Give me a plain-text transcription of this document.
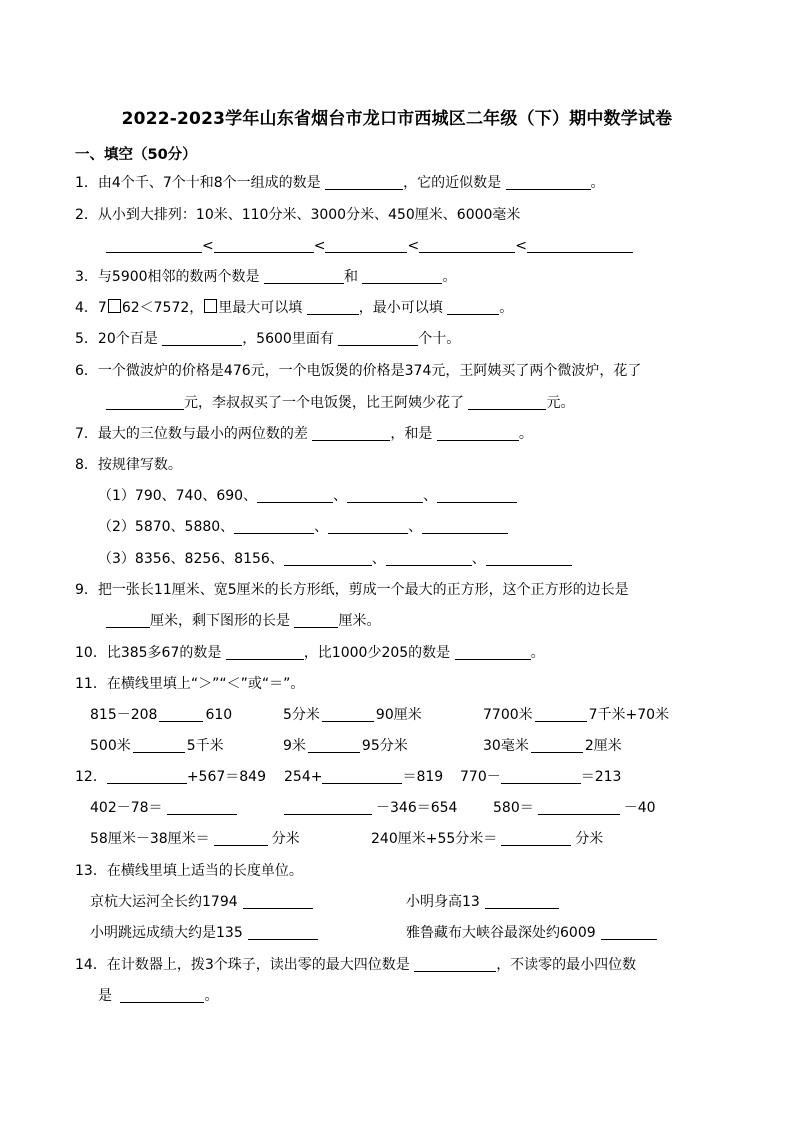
2022-2023学年山东省烟台市龙口市西城区二年级（下）期中数学试卷
一、填空（50分）
1．由4个千、7个十和8个一组成的数是	，它的近似数是	。
2．从小到大排列：10米、110分米、3000分米、450厘米、6000毫米
<	<	<	<
3．与5900相邻的数两个数是	和	。
4．7 62＜7572， 里最大可以填	，最小可以填	。
5．20个百是	，5600里面有	个十。
6．一个微波炉的价格是476元，一个电饭煲的价格是374元，王阿姨买了两个微波炉，花了
元，李叔叔买了一个电饭煲，比王阿姨少花了	元。
7．最大的三位数与最小的两位数的差	，和是	。
8．按规律写数。
（1）790、740、690、	、	、
（2）5870、5880、	、	、
（3）8356、8256、8156、	、	、
9．把一张长11厘米、宽5厘米的长方形纸，剪成一个最大的正方形，这个正方形的边长是
厘米，剩下图形的长是	厘米。
10．比385多67的数是	，比1000少205的数是	。
11．在横线里填上“＞”“＜”或“＝”。
815－208	610	5分米	90厘米	7700米	7千米+70米
500米	5千米	9米	95分米	30毫米	2厘米
12．	+567＝849 254+	＝819 770－	＝213
402－78＝	－346＝654	580＝	－40
58厘米－38厘米＝	分米	240厘米+55分米＝	分米
13．在横线里填上适当的长度单位。
京杭大运河全长约1794	小明身高13
小明跳远成绩大约是135	雅鲁藏布大峡谷最深处约6009
14．在计数器上，拨3个珠子，读出零的最大四位数是	，不读零的最小四位数
是	。
